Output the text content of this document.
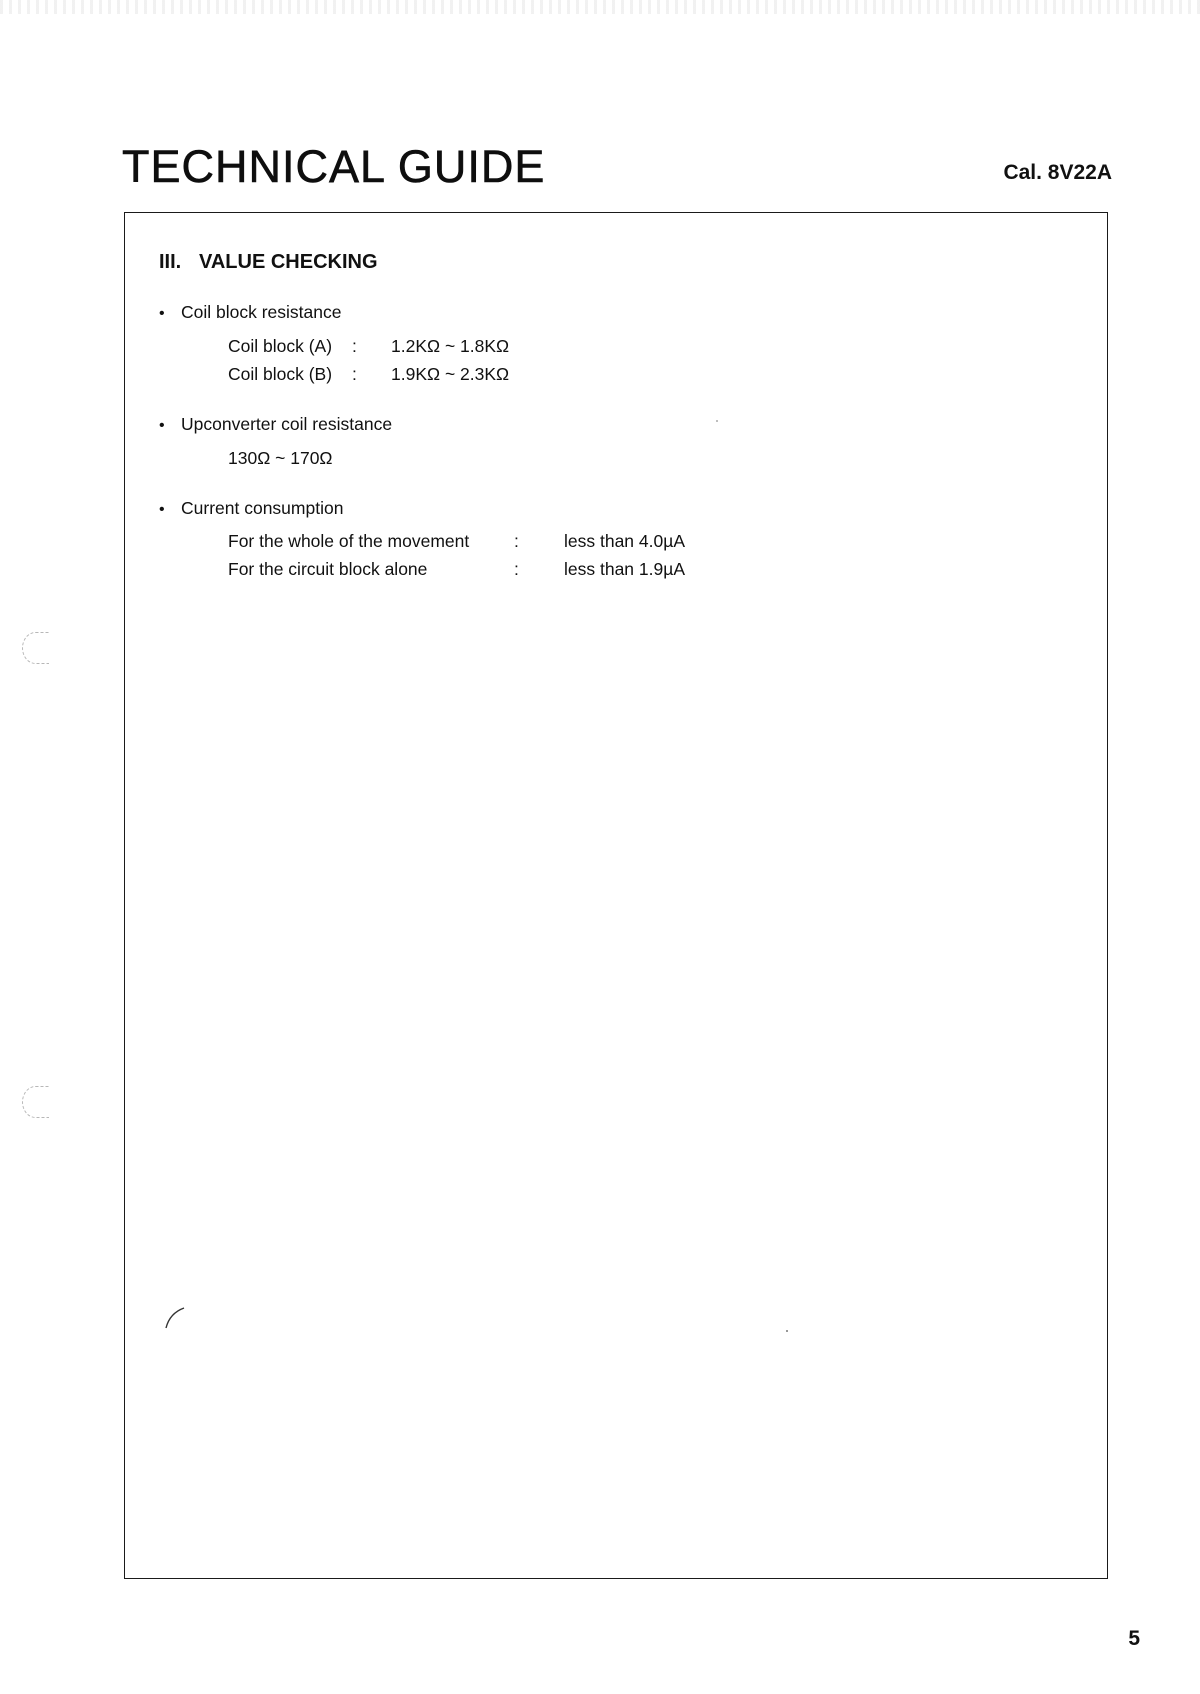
TECHNICAL GUIDE	Cal. 8V22A
III. VALUE CHECKING
• Coil block resistance
Coil block (A) : 1.2KΩ ~ 1.8KΩ
Coil block (B) : 1.9KΩ ~ 2.3KΩ
• Upconverter coil resistance
130Ω ~ 170Ω
• Current consumption
For the whole of the movement	:	less than 4.0µA
For the circuit block alone	:	less than 1.9µA
5
